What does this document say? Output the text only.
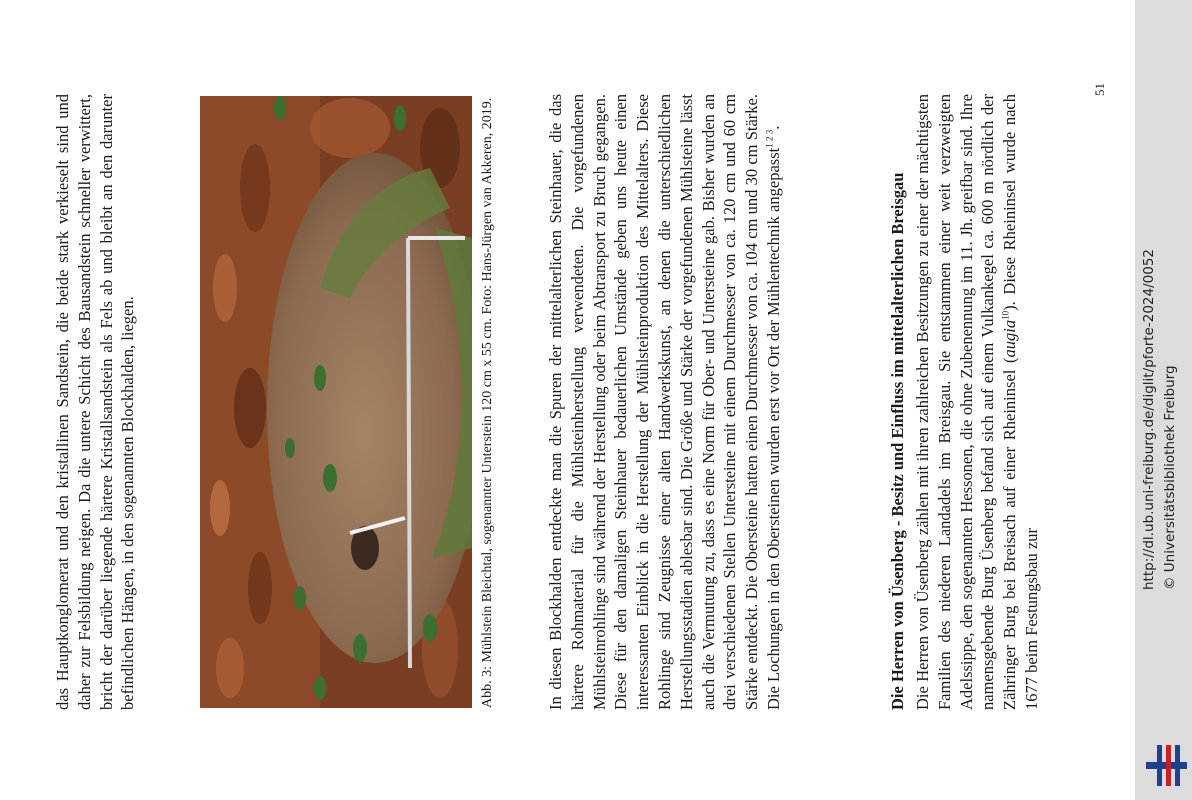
das Hauptkonglomerat und den kristallinen Sandstein, die beide stark verkieselt sind und daher zur Felsbildung neigen. Da die untere Schicht des Bausandstein schneller verwittert, bricht der darüber liegende härtere Kristallsandstein als Fels ab und bleibt an den darunter befindlichen Hängen, in den sogenannten Blockhalden, liegen.	Abb. 3: Mühlstein Bleichtal, sogenannter Unterstein 120 cm x 55 cm. Foto: Hans-Jürgen van Akkeren, 2019.	In diesen Blockhalden entdeckte man die Spuren der mittelalterlichen Steinhauer, die das härtere Rohmaterial für die Mühlsteinherstellung verwendeten. Die vorgefundenen Mühlsteinrohlinge sind während der Herstellung oder beim Abtransport zu Bruch gegangen. Diese für den damaligen Steinhauer bedauerlichen Umstände geben uns heute einen interessanten Einblick in die Herstellung der Mühlsteinproduktion des Mittelalters. Diese Rohlinge sind Zeugnisse einer alten Handwerkskunst, an denen die unterschiedlichen Herstellungsstadien ablesbar sind. Die Größe und Stärke der vorgefundenen Mühlsteine lässt auch die Vermutung zu, dass es eine Norm für Ober- und Untersteine gab. Bisher wurden an drei verschiedenen Stellen Untersteine mit einem Durchmesser von ca. 120 cm und 60 cm Stärke entdeckt. Die Obersteine hatten einen Durchmesser von ca. 104 cm und 30 cm Stärke. Die Lochungen in den Obersteinen wurden erst vor Ort der Mühlentechnik angepasst$^{1 2 3}$.

Die Herren von Üsenberg - Besitz und Einfluss im mittelalterlichen Breisgau Die Herren von Üsenberg zählen mit ihren zahlreichen Besitzungen zu einer der mächtigsten Familien des niederen Landadels im Breisgau. Sie entstammen einer weit verzweigten Adelssippe, den sogenannten Hessonen, die ohne Zubenennung im 11. Jh. greifbar sind. Ihre namensgebende Burg Üsenberg befand sich auf einem Vulkankegel ca. 600 m nördlich der Zähringer Burg bei Breisach auf einer Rheininsel (augia$^{10}$). Diese Rheininsel wurde nach 1677 beim Festungsbau zur

51
http://dl.ub.uni-freiburg.de/diglit/pforte-2024/0052 © Universitätsbibliothek Freiburg
